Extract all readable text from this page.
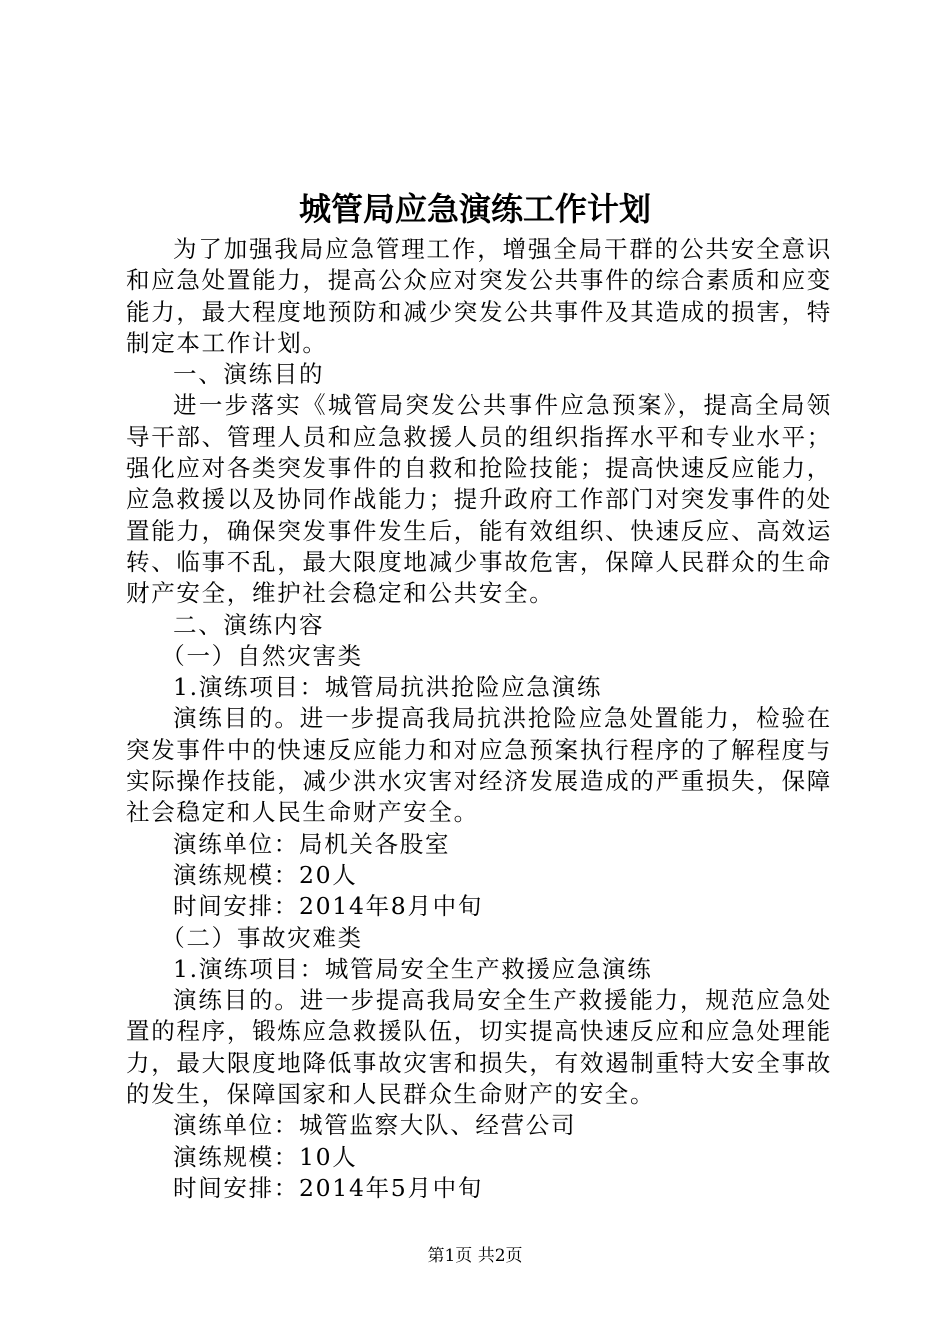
城管局应急演练工作计划

为了加强我局应急管理工作，增强全局干群的公共安全意识和应急处置能力，提高公众应对突发公共事件的综合素质和应变能力，最大程度地预防和减少突发公共事件及其造成的损害，特制定本工作计划。

一、演练目的

进一步落实《城管局突发公共事件应急预案》，提高全局领导干部、管理人员和应急救援人员的组织指挥水平和专业水平；强化应对各类突发事件的自救和抢险技能；提高快速反应能力，应急救援以及协同作战能力；提升政府工作部门对突发事件的处置能力，确保突发事件发生后，能有效组织、快速反应、高效运转、临事不乱，最大限度地减少事故危害，保障人民群众的生命财产安全，维护社会稳定和公共安全。

二、演练内容

（一）自然灾害类

1.演练项目：城管局抗洪抢险应急演练

演练目的。进一步提高我局抗洪抢险应急处置能力，检验在突发事件中的快速反应能力和对应急预案执行程序的了解程度与实际操作技能，减少洪水灾害对经济发展造成的严重损失，保障社会稳定和人民生命财产安全。

演练单位：局机关各股室

演练规模：20人

时间安排：2014年8月中旬

（二）事故灾难类

1.演练项目：城管局安全生产救援应急演练

演练目的。进一步提高我局安全生产救援能力，规范应急处置的程序，锻炼应急救援队伍，切实提高快速反应和应急处理能力，最大限度地降低事故灾害和损失，有效遏制重特大安全事故的发生，保障国家和人民群众生命财产的安全。

演练单位：城管监察大队、经营公司

演练规模：10人

时间安排：2014年5月中旬

第1页 共2页
